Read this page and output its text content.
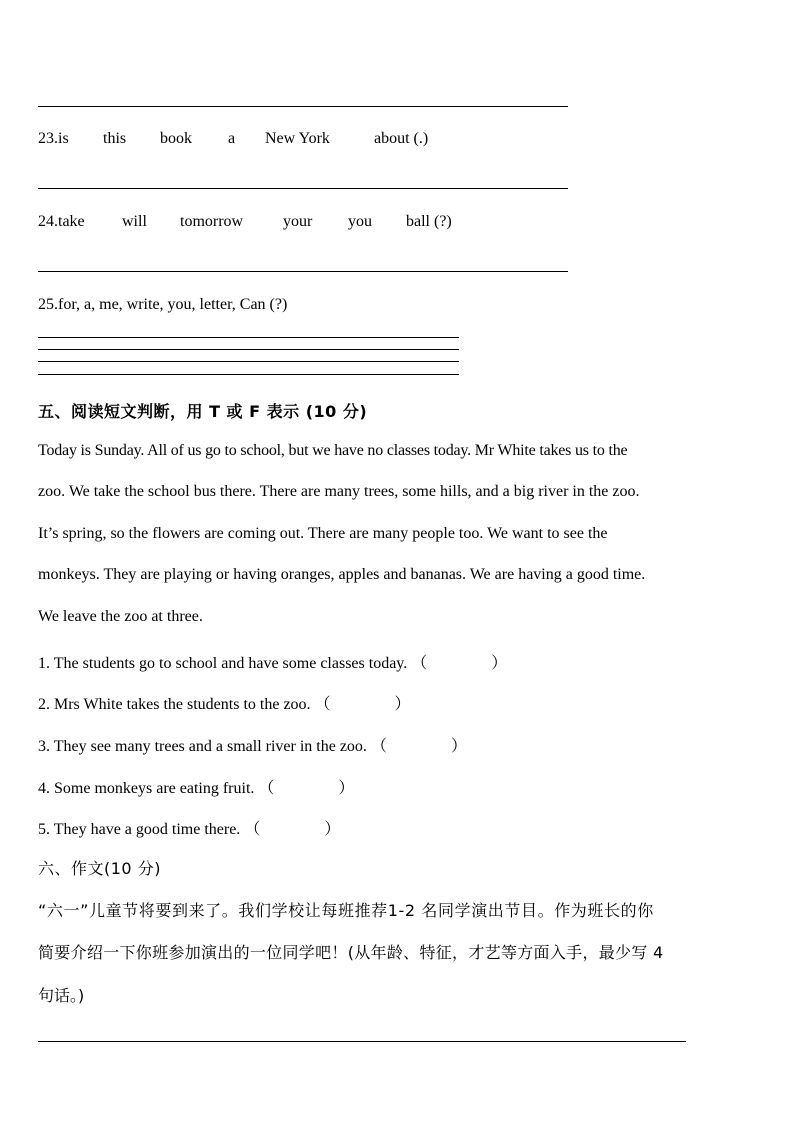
23.is this book a New York	about (.)
24.take will tomorrow your you ball (?)
25.for, a, me, write, you, letter, Can (?)
五、阅读短文判断，用 T 或 F 表示 (10 分)
Today is Sunday. All of us go to school, but we have no classes today. Mr White takes us to the
zoo. We take the school bus there. There are many trees, some hills, and a big river in the zoo.
It’s spring, so the flowers are coming out. There are many people too. We want to see the
monkeys. They are playing or having oranges, apples and bananas. We are having a good time.
We leave the zoo at three.
1. The students go to school and have some classes today. （　　　　）
2. Mrs White takes the students to the zoo. （　　　　）
3. They see many trees and a small river in the zoo. （　　　　）
4. Some monkeys are eating fruit. （　　　　）
5. They have a good time there. （　　　　）
六、作文(10 分)
“六一”儿童节将要到来了。我们学校让每班推荐1-2 名同学演出节目。作为班长的你
简要介绍一下你班参加演出的一位同学吧！(从年龄、特征，才艺等方面入手，最少写 4
句话。)
